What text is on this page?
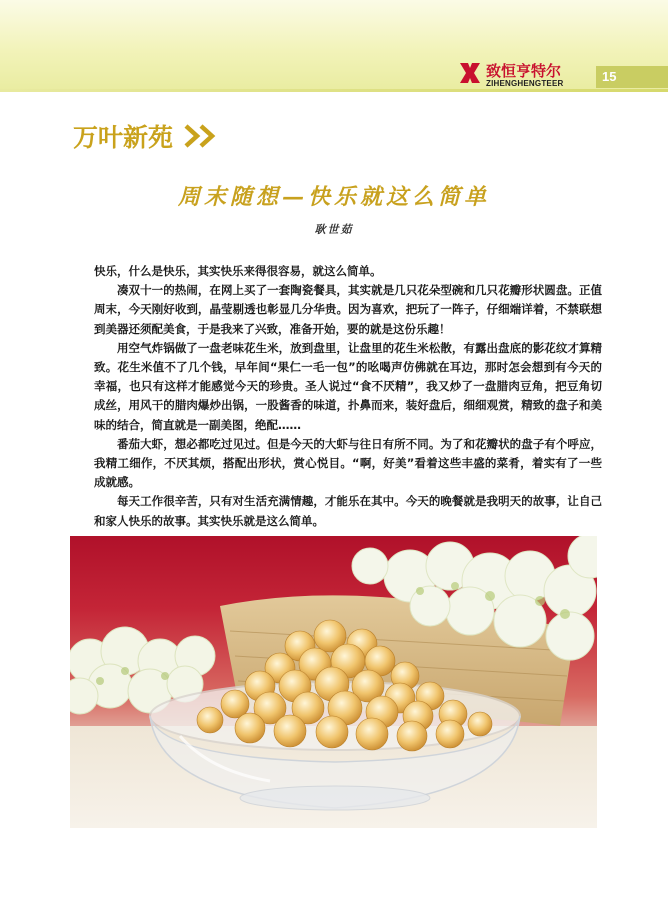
致恒亨特尔
ZIHENGHENGTEER	15
万叶新苑
周末随想—快乐就这么简单
耿世茹

快乐，什么是快乐，其实快乐来得很容易，就这么简单。

凑双十一的热闹，在网上买了一套陶瓷餐具，其实就是几只花朵型碗和几只花瓣形状圆盘。正值周末，今天刚好收到，晶莹剔透也彰显几分华贵。因为喜欢，把玩了一阵子，仔细端详着，不禁联想到美器还须配美食，于是我来了兴致，准备开始，要的就是这份乐趣！

用空气炸锅做了一盘老味花生米，放到盘里，让盘里的花生米松散，有露出盘底的影花纹才算精致。花生米值不了几个钱，早年间“果仁一毛一包”的吆喝声仿佛就在耳边，那时怎会想到有今天的幸福，也只有这样才能感觉今天的珍贵。圣人说过“食不厌精”，我又炒了一盘腊肉豆角，把豆角切成丝，用风干的腊肉爆炒出锅，一股酱香的味道，扑鼻而来，装好盘后，细细观赏，精致的盘子和美味的结合，简直就是一副美图，绝配……

番茄大虾，想必都吃过见过。但是今天的大虾与往日有所不同。为了和花瓣状的盘子有个呼应，我精工细作，不厌其烦，搭配出形状，赏心悦目。“啊，好美”看着这些丰盛的菜肴，着实有了一些成就感。

每天工作很辛苦，只有对生活充满情趣，才能乐在其中。今天的晚餐就是我明天的故事，让自己和家人快乐的故事。其实快乐就是这么简单。
